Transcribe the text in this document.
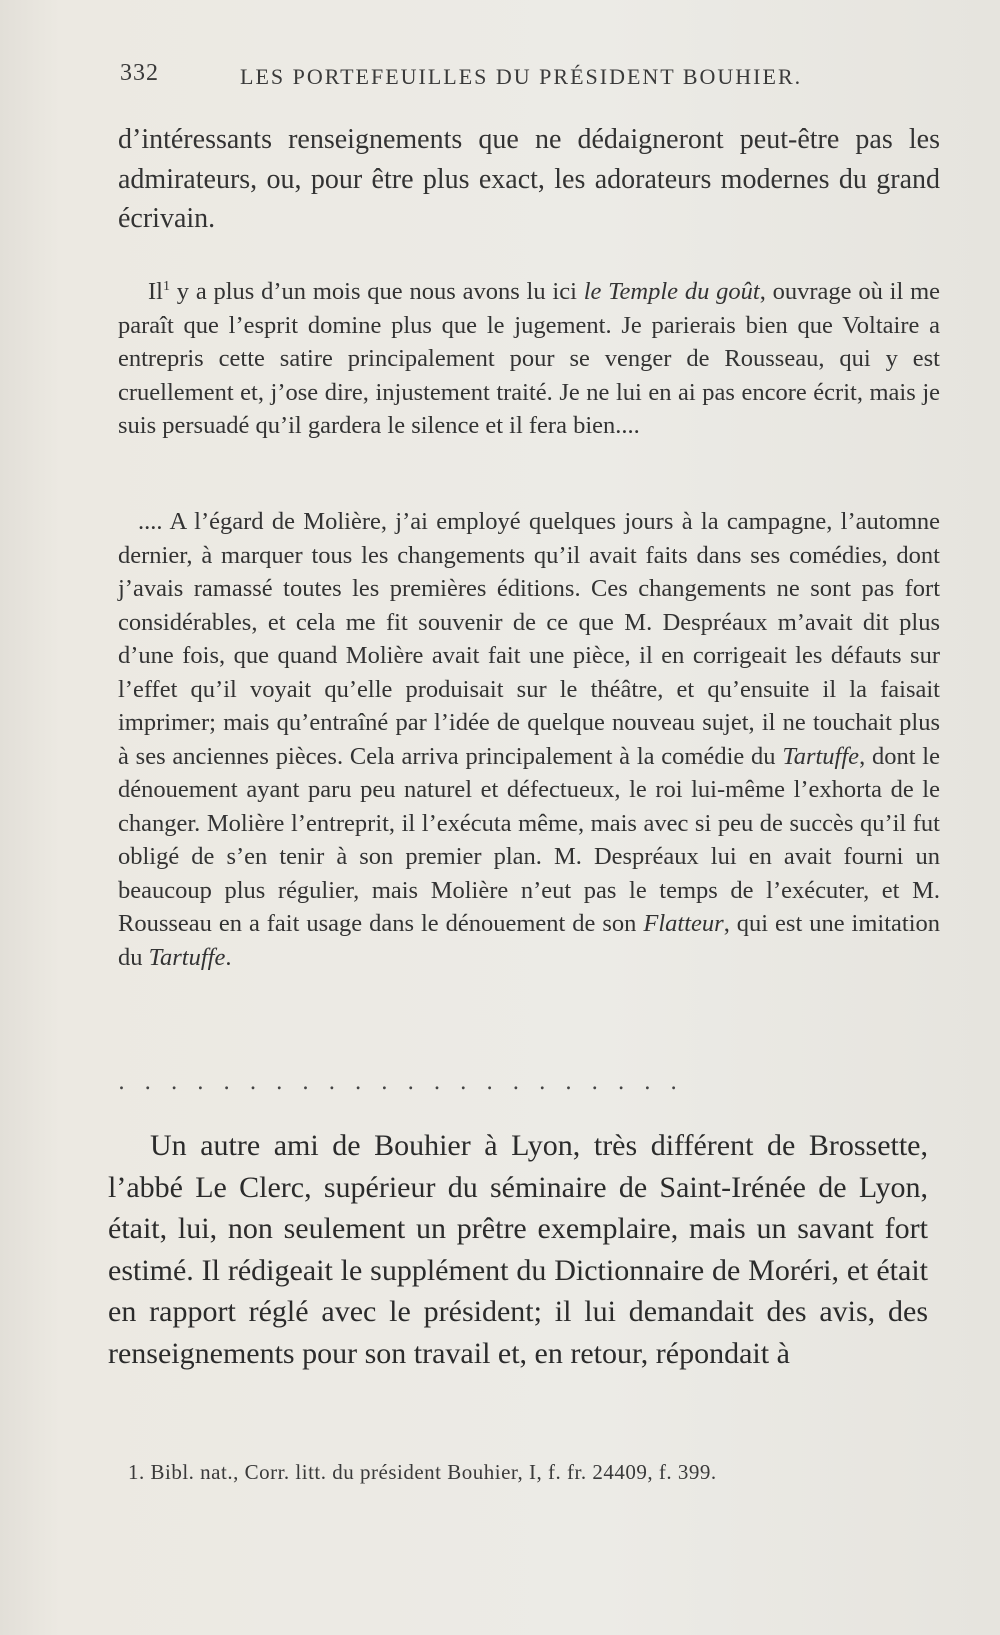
332	LES PORTEFEUILLES DU PRÉSIDENT BOUHIER.

d’intéressants renseignements que ne dédaigneront peut-être pas les admirateurs, ou, pour être plus exact, les adorateurs modernes du grand écrivain.

Il$^1$ y a plus d’un mois que nous avons lu ici le Temple du goût, ouvrage où il me paraît que l’esprit domine plus que le jugement. Je parierais bien que Voltaire a entrepris cette satire principalement pour se venger de Rousseau, qui y est cruellement et, j’ose dire, injustement traité. Je ne lui en ai pas encore écrit, mais je suis persuadé qu’il gardera le silence et il fera bien....

.... A l’égard de Molière, j’ai employé quelques jours à la campagne, l’automne dernier, à marquer tous les changements qu’il avait faits dans ses comédies, dont j’avais ramassé toutes les premières éditions. Ces changements ne sont pas fort considérables, et cela me fit souvenir de ce que M. Despréaux m’avait dit plus d’une fois, que quand Molière avait fait une pièce, il en corrigeait les défauts sur l’effet qu’il voyait qu’elle produisait sur le théâtre, et qu’ensuite il la faisait imprimer; mais qu’entraîné par l’idée de quelque nouveau sujet, il ne touchait plus à ses anciennes pièces. Cela arriva principalement à la comédie du Tartuffe, dont le dénouement ayant paru peu naturel et défectueux, le roi lui-même l’exhorta de le changer. Molière l’entreprit, il l’exécuta même, mais avec si peu de succès qu’il fut obligé de s’en tenir à son premier plan. M. Despréaux lui en avait fourni un beaucoup plus régulier, mais Molière n’eut pas le temps de l’exécuter, et M. Rousseau en a fait usage dans le dénouement de son Flatteur, qui est une imitation du Tartuffe.

......................

Un autre ami de Bouhier à Lyon, très différent de Brossette, l’abbé Le Clerc, supérieur du séminaire de Saint-Irénée de Lyon, était, lui, non seulement un prêtre exemplaire, mais un savant fort estimé. Il rédigeait le supplément du Dictionnaire de Moréri, et était en rapport réglé avec le président; il lui demandait des avis, des renseignements pour son travail et, en retour, répondait à

1. Bibl. nat., Corr. litt. du président Bouhier, I, f. fr. 24409, f. 399.
